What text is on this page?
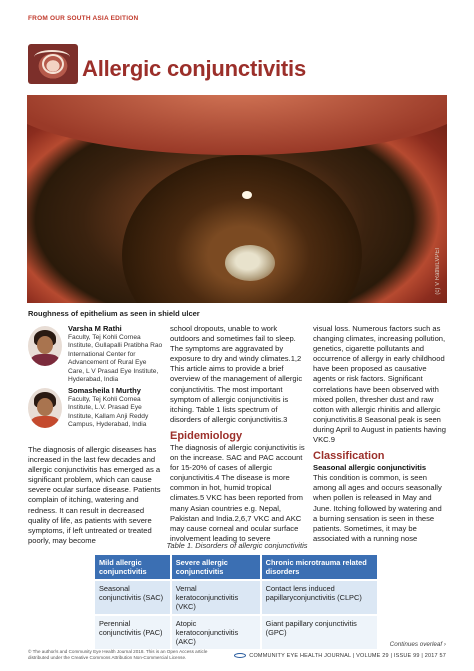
FROM OUR SOUTH ASIA EDITION
Allergic conjunctivitis
(c) V Rathi/LVPEI
Roughness of epithelium as seen in shield ulcer
Varsha M Rathi
Faculty, Tej Kohli Cornea Institute, Gullapalli Pratibha Rao International Center for Advancement of Rural Eye Care, L V Prasad Eye Institute, Hyderabad, India
Somasheila I Murthy
Faculty, Tej Kohli Cornea Institute, L.V. Prasad Eye Institute, Kallam Anji Reddy Campus, Hyderabad, India

The diagnosis of allergic diseases has increased in the last few decades and allergic conjunctivitis has emerged as a significant problem, which can cause severe ocular surface disease. Patients complain of itching, watering and redness. It can result in decreased quality of life, as patients with severe symptoms, if left untreated or treated poorly, may become

school dropouts, unable to work outdoors and sometimes fail to sleep. The symptoms are aggravated by exposure to dry and windy climates.1,2 This article aims to provide a brief overview of the management of allergic conjunctivitis. The most important symptom of allergic conjunctivitis is itching. Table 1 lists spectrum of disorders of allergic conjunctivitis.3

Epidemiology

The diagnosis of allergic conjunctivitis is on the increase. SAC and PAC account for 15-20% of cases of allergic conjunctivitis.4 The disease is more common in hot, humid tropical climates.5 VKC has been reported from many Asian countries e.g. Nepal, Pakistan and India.2,6,7 VKC and AKC may cause corneal and ocular surface involvement leading to severe

visual loss. Numerous factors such as changing climates, increasing pollution, genetics, cigarette pollutants and occurrence of allergy in early childhood have been proposed as causative agents or risk factors. Significant correlations have been observed with mixed pollen, thresher dust and raw cotton with allergic rhinitis and allergic conjunctivitis.8 Seasonal peak is seen during April to August in patients having VKC.9

Classification
Seasonal allergic conjunctivitis

This condition is common, is seen among all ages and occurs seasonally when pollen is released in May and June. Itching followed by watering and a burning sensation is seen in these patients. Sometimes, it may be associated with a running nose

Table 1. Disorders of allergic conjunctivitis
Mild allergic conjunctivitis	Severe allergic conjunctivitis	Chronic microtrauma related disorders
Seasonal conjunctivitis (SAC)	Vernal keratoconjunctivitis (VKC)	Contact lens induced papillaryconjunctivitis (CLPC)
Perennial conjunctivitis (PAC)	Atopic keratoconjunctivitis (AKC)	Giant papillary conjunctivitis (GPC)
Continues overleaf ›
© The author/s and Community Eye Health Journal 2018. This is an Open Access article distributed under the Creative Commons Attribution Non-Commercial License.	COMMUNITY EYE HEALTH JOURNAL | VOLUME 29 | ISSUE 99 | 2017 57
